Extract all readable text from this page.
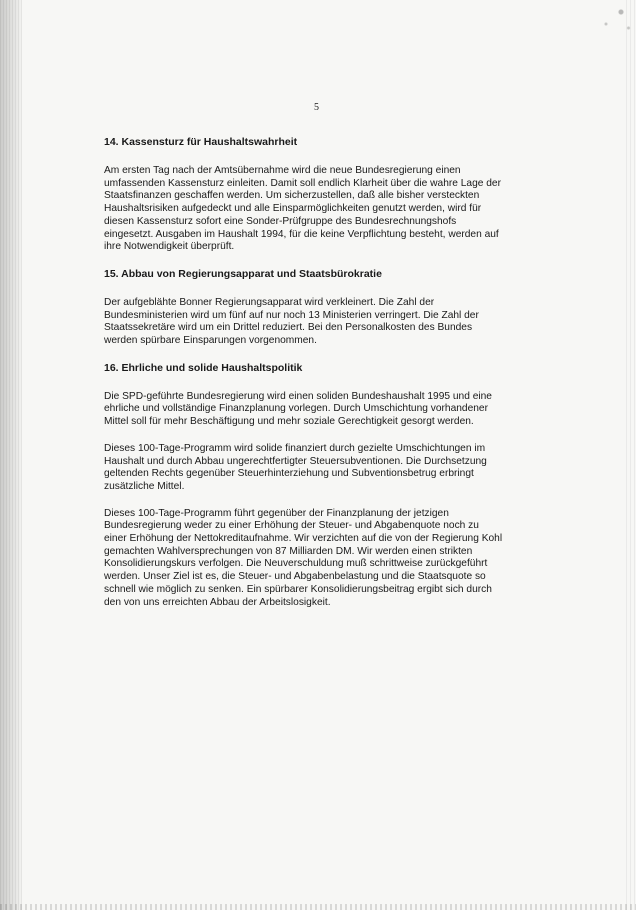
5
14. Kassensturz für Haushaltswahrheit

Am ersten Tag nach der Amtsübernahme wird die neue Bundesregierung einen umfassenden Kassensturz einleiten. Damit soll endlich Klarheit über die wahre Lage der Staatsfinanzen geschaffen werden. Um sicherzustellen, daß alle bisher versteckten Haushaltsrisiken aufgedeckt und alle Einsparmöglichkeiten genutzt werden, wird für diesen Kassensturz sofort eine Sonder-Prüfgruppe des Bundesrechnungshofs eingesetzt. Ausgaben im Haushalt 1994, für die keine Verpflichtung besteht, werden auf ihre Notwendigkeit überprüft.

15. Abbau von Regierungsapparat und Staatsbürokratie

Der aufgeblähte Bonner Regierungsapparat wird verkleinert. Die Zahl der Bundesministerien wird um fünf auf nur noch 13 Ministerien verringert. Die Zahl der Staatssekretäre wird um ein Drittel reduziert. Bei den Personalkosten des Bundes werden spürbare Einsparungen vorgenommen.

16. Ehrliche und solide Haushaltspolitik

Die SPD-geführte Bundesregierung wird einen soliden Bundeshaushalt 1995 und eine ehrliche und vollständige Finanzplanung vorlegen. Durch Umschichtung vorhandener Mittel soll für mehr Beschäftigung und mehr soziale Gerechtigkeit gesorgt werden.

Dieses 100-Tage-Programm wird solide finanziert durch gezielte Umschichtungen im Haushalt und durch Abbau ungerechtfertigter Steuersubventionen. Die Durchsetzung geltenden Rechts gegenüber Steuerhinterziehung und Subventionsbetrug erbringt zusätzliche Mittel.

Dieses 100-Tage-Programm führt gegenüber der Finanzplanung der jetzigen Bundesregierung weder zu einer Erhöhung der Steuer- und Abgabenquote noch zu einer Erhöhung der Nettokreditaufnahme. Wir verzichten auf die von der Regierung Kohl gemachten Wahlversprechungen von 87 Milliarden DM. Wir werden einen strikten Konsolidierungskurs verfolgen. Die Neuverschuldung muß schrittweise zurückgeführt werden. Unser Ziel ist es, die Steuer- und Abgabenbelastung und die Staatsquote so schnell wie möglich zu senken. Ein spürbarer Konsolidierungsbeitrag ergibt sich durch den von uns erreichten Abbau der Arbeitslosigkeit.
